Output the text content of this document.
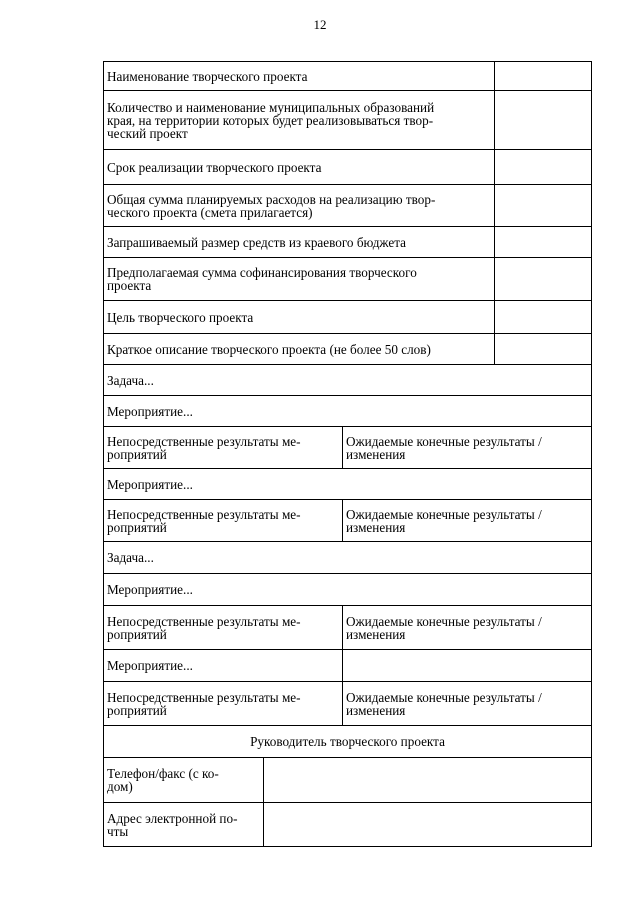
12
Наименование творческого проекта			
Количество и наименование муниципальных образований
края, на территории которых будет реализовываться твор-
ческий проект			
Срок реализации творческого проекта			
Общая сумма планируемых расходов на реализацию твор-
ческого проекта (смета прилагается)			
Запрашиваемый размер средств из краевого бюджета			
Предполагаемая сумма софинансирования творческого
проекта			
Цель творческого проекта			
Краткое описание творческого проекта (не более 50 слов)			
Задача...			
Мероприятие...			
Непосредственные результаты ме-
роприятий		Ожидаемые конечные результаты /
изменения	
Мероприятие...			
Непосредственные результаты ме-
роприятий		Ожидаемые конечные результаты /
изменения	
Задача...			
Мероприятие...			
Непосредственные результаты ме-
роприятий		Ожидаемые конечные результаты /
изменения	
Мероприятие...			
Непосредственные результаты ме-
роприятий		Ожидаемые конечные результаты /
изменения	
Руководитель творческого проекта			
Телефон/факс (с ко-
дом)			
Адрес электронной по-
чты			
